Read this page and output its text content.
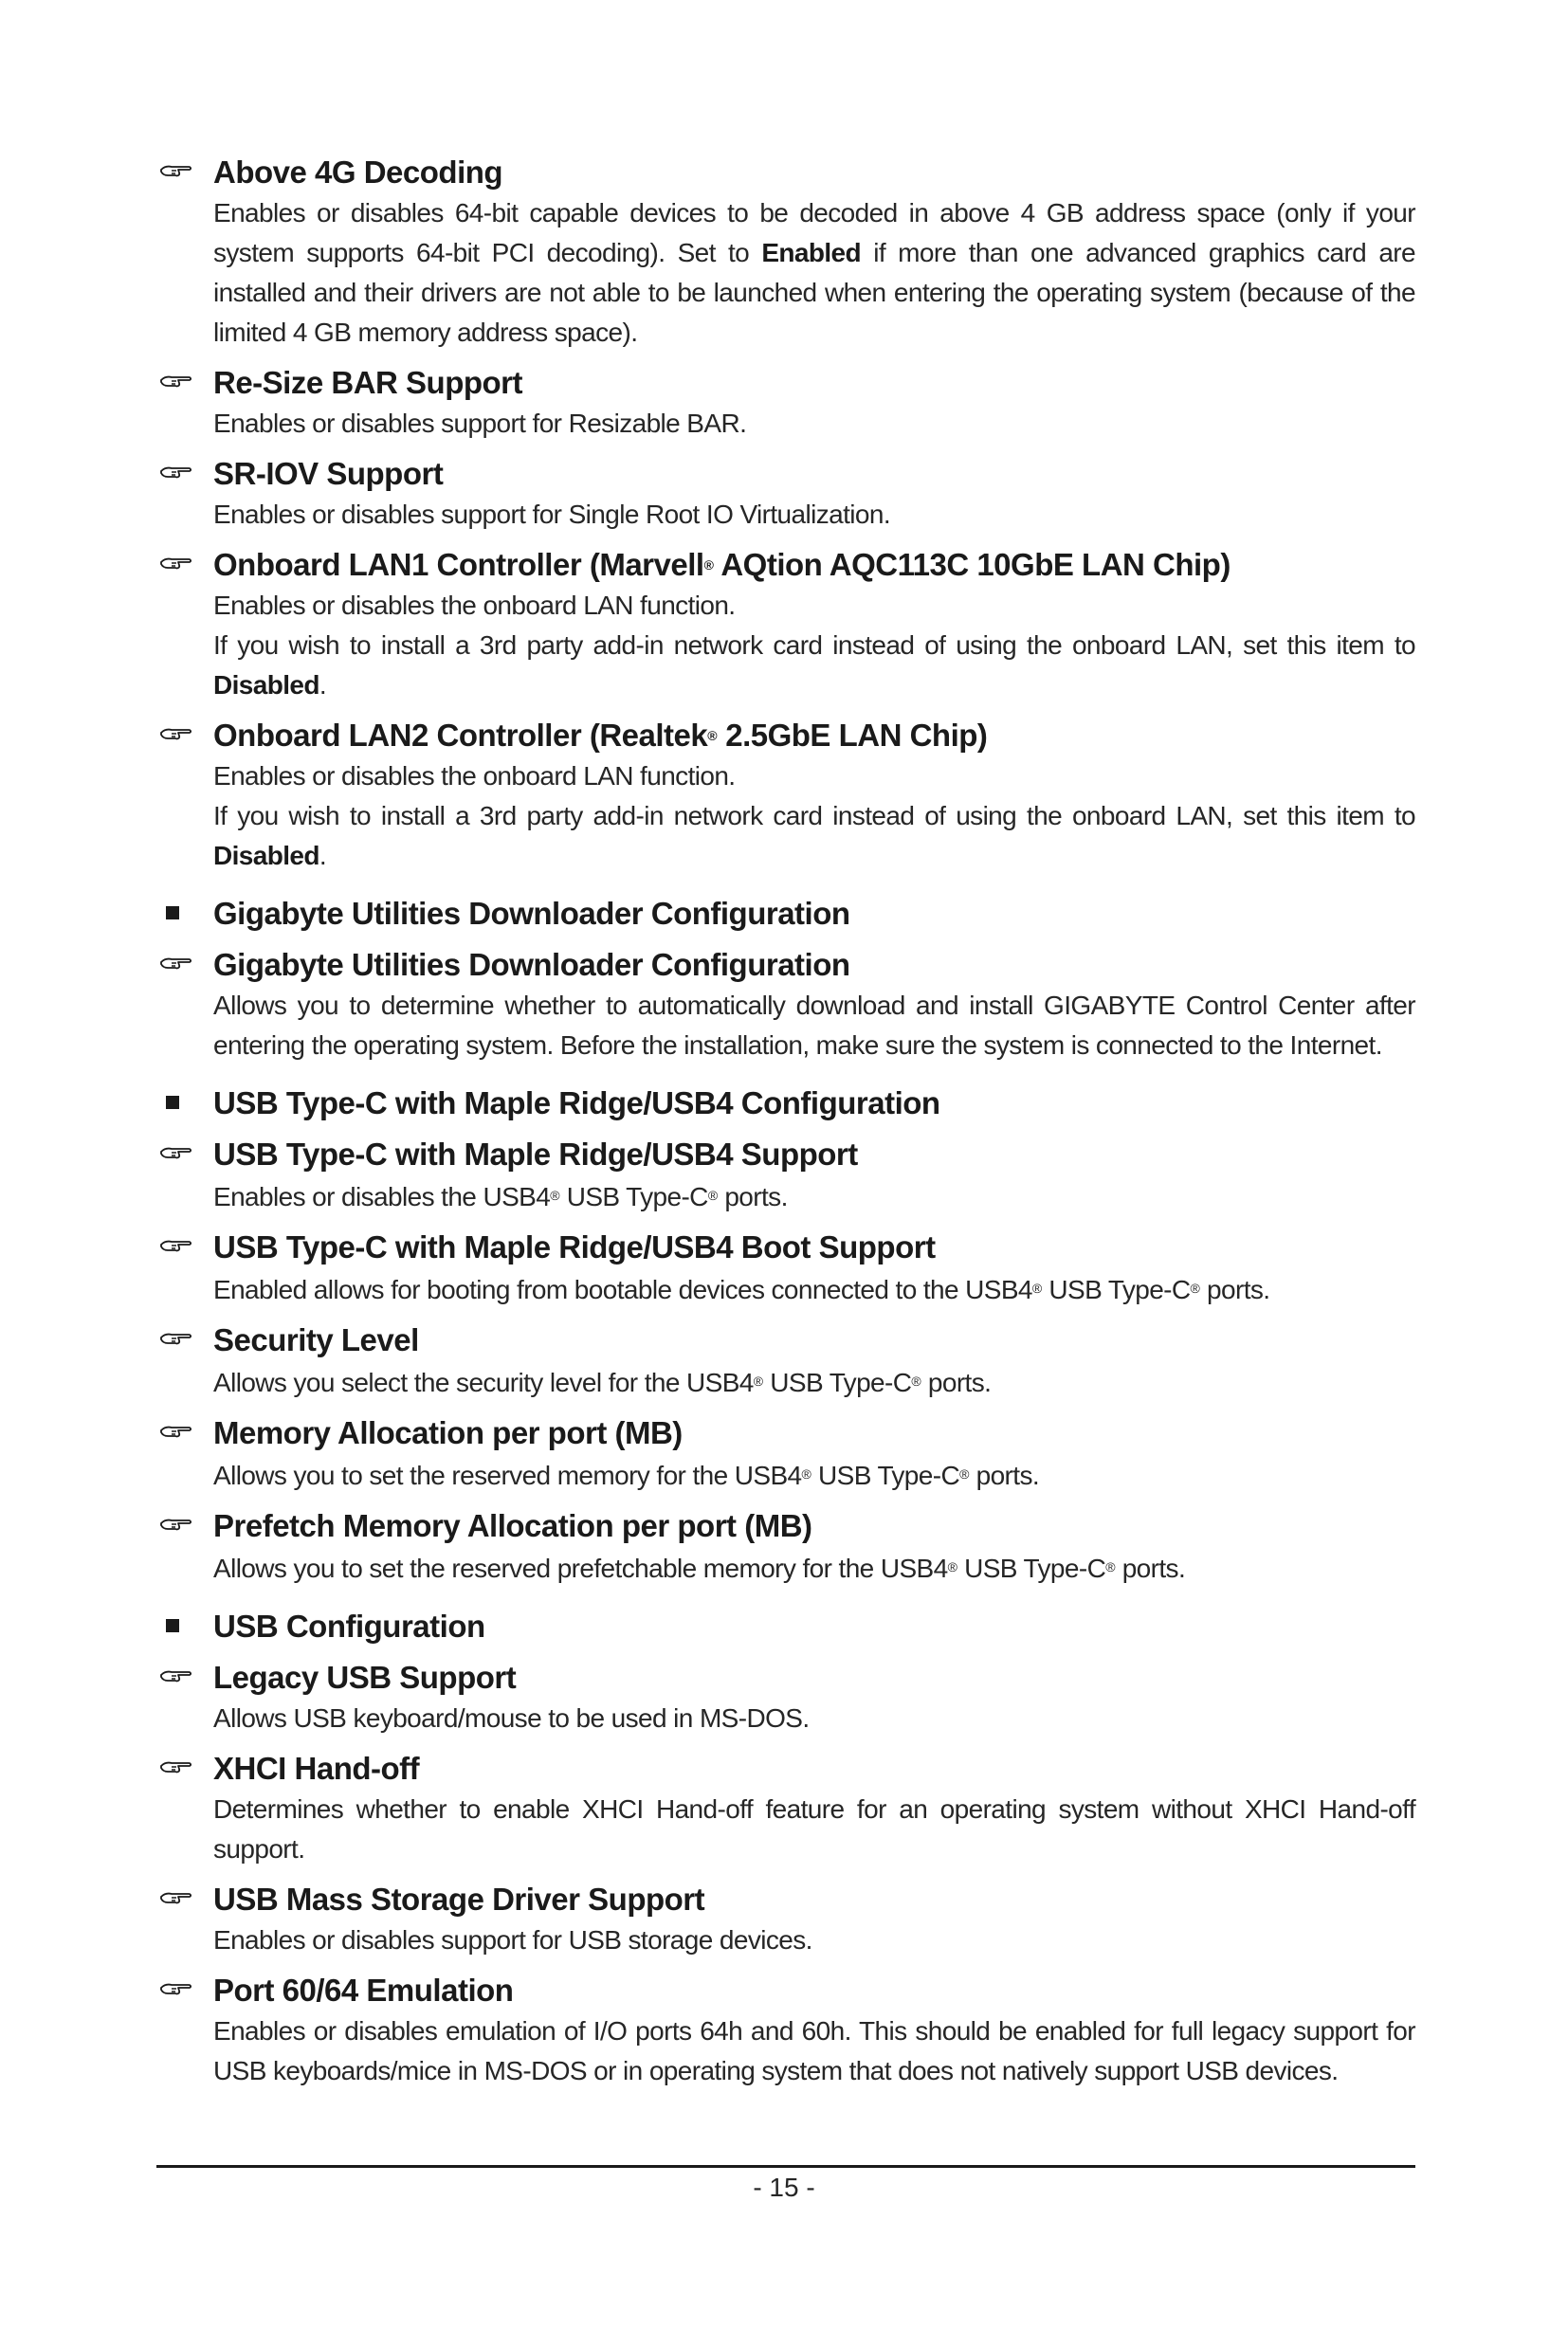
Above 4G Decoding
Enables or disables 64-bit capable devices to be decoded in above 4 GB address space (only if your system supports 64-bit PCI decoding). Set to Enabled if more than one advanced graphics card are installed and their drivers are not able to be launched when entering the operating system (because of the limited 4 GB memory address space).
Re-Size BAR Support
Enables or disables support for Resizable BAR.
SR-IOV Support
Enables or disables support for Single Root IO Virtualization.
Onboard LAN1 Controller (Marvell® AQtion AQC113C 10GbE LAN Chip)
Enables or disables the onboard LAN function.
If you wish to install a 3rd party add-in network card instead of using the onboard LAN, set this item to Disabled.
Onboard LAN2 Controller (Realtek® 2.5GbE LAN Chip)
Enables or disables the onboard LAN function.
If you wish to install a 3rd party add-in network card instead of using the onboard LAN, set this item to Disabled.
Gigabyte Utilities Downloader Configuration
Gigabyte Utilities Downloader Configuration
Allows you to determine whether to automatically download and install GIGABYTE Control Center after entering the operating system. Before the installation, make sure the system is connected to the Internet.
USB Type-C with Maple Ridge/USB4 Configuration
USB Type-C with Maple Ridge/USB4 Support
Enables or disables the USB4® USB Type-C® ports.
USB Type-C with Maple Ridge/USB4 Boot Support
Enabled allows for booting from bootable devices connected to the USB4® USB Type-C® ports.
Security Level
Allows you select the security level for the USB4® USB Type-C® ports.
Memory Allocation per port (MB)
Allows you to set the reserved memory for the USB4® USB Type-C® ports.
Prefetch Memory Allocation per port (MB)
Allows you to set the reserved prefetchable memory for the USB4® USB Type-C® ports.
USB Configuration
Legacy USB Support
Allows USB keyboard/mouse to be used in MS-DOS.
XHCI Hand-off
Determines whether to enable XHCI Hand-off feature for an operating system without XHCI Hand-off support.
USB Mass Storage Driver Support
Enables or disables support for USB storage devices.
Port 60/64 Emulation
Enables or disables emulation of I/O ports 64h and 60h. This should be enabled for full legacy support for USB keyboards/mice in MS-DOS or in operating system that does not natively support USB devices.
- 15 -
